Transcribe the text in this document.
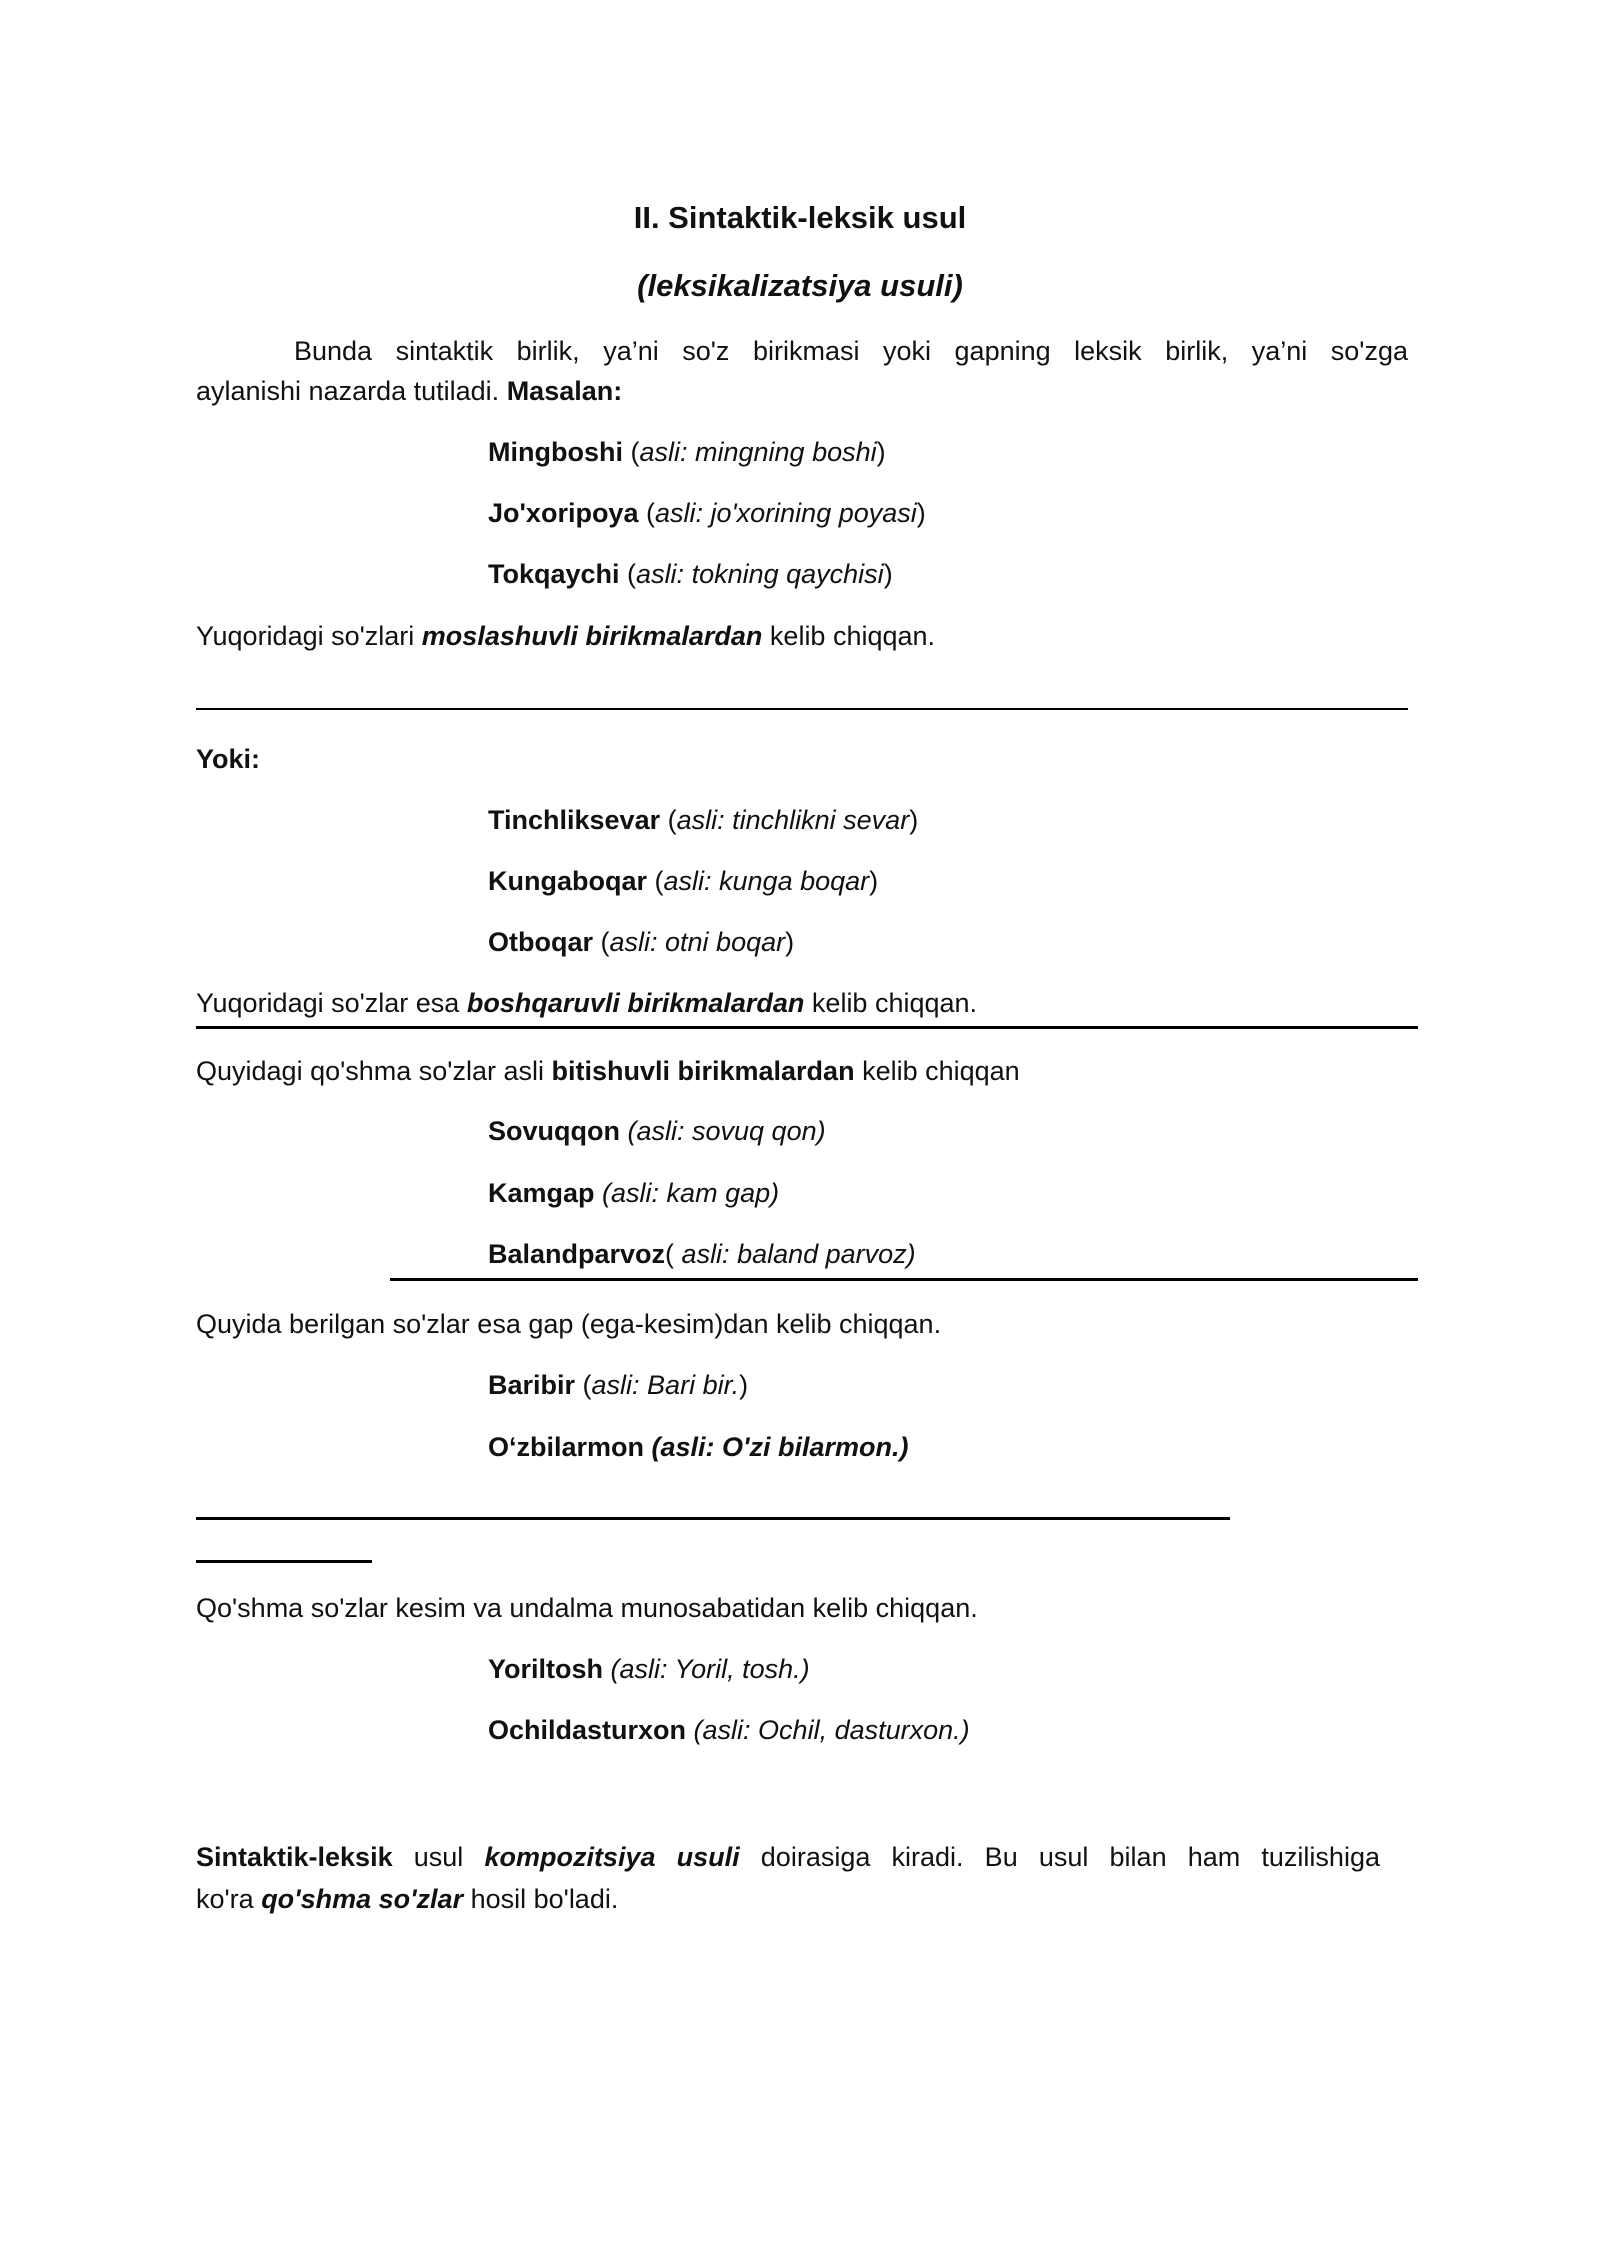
II. Sintaktik-leksik usul
(leksikalizatsiya usuli)
Bunda sintaktik birlik, ya’ni so'z birikmasi yoki gapning leksik birlik, ya’ni so'zga
aylanishi nazarda tutiladi. Masalan:
Mingboshi (asli: mingning boshi)
Jo'xoripoya (asli: jo'xorining poyasi)
Tokqaychi (asli: tokning qaychisi)
Yuqoridagi so'zlari moslashuvli birikmalardan kelib chiqqan.
Yoki:
Tinchliksevar (asli: tinchlikni sevar)
Kungaboqar (asli: kunga boqar)
Otboqar (asli: otni boqar)
Yuqoridagi so'zlar esa boshqaruvli birikmalardan kelib chiqqan.
Quyidagi qo'shma so'zlar asli bitishuvli birikmalardan kelib chiqqan
Sovuqqon (asli: sovuq qon)
Kamgap (asli: kam gap)
Balandparvoz( asli: baland parvoz)
Quyida berilgan so'zlar esa gap (ega-kesim)dan kelib chiqqan.
Baribir (asli: Bari bir.)
O‘zbilarmon (asli: O'zi bilarmon.)
Qo'shma so'zlar kesim va undalma munosabatidan kelib chiqqan.
Yoriltosh (asli: Yoril, tosh.)
Ochildasturxon (asli: Ochil, dasturxon.)
Sintaktik-leksik usul kompozitsiya usuli doirasiga kiradi. Bu usul bilan ham tuzilishiga
ko'ra qo'shma so'zlar hosil bo'ladi.
